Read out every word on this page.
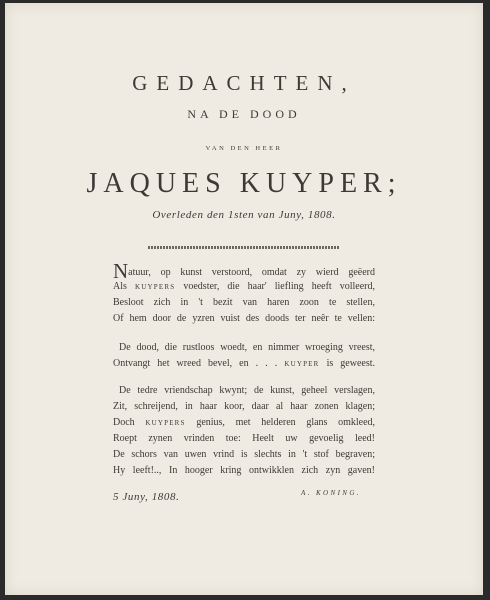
GEDACHTEN,
NA DE DOOD
VAN DEN HEER
JAQUES KUYPER;
Overleden den 1sten van Juny, 1808.
Natuur, op kunst verstoord, omdat zy wierd geëerd
Als KUYPERS voedster, die haar' liefling heeft volleerd,
Besloot zich in 't bezit van haren zoon te stellen,
Of hem door de yzren vuist des doods ter neêr te vellen:
De dood, die rustloos woedt, en nimmer wroeging vreest,
Ontvangt het wreed bevel, en . . . KUYPER is geweest.
De tedre vriendschap kwynt; de kunst, geheel verslagen,
Zit, schreijend, in haar koor, daar al haar zonen klagen;
Doch KUYPERS genius, met helderen glans omkleed,
Roept zynen vrinden toe: Heelt uw gevoelig leed!
De schors van uwen vrind is slechts in 't stof begraven;
Hy leeft!.., In hooger kring ontwikklen zich zyn gaven!
A. KONING.
5 Juny, 1808.
